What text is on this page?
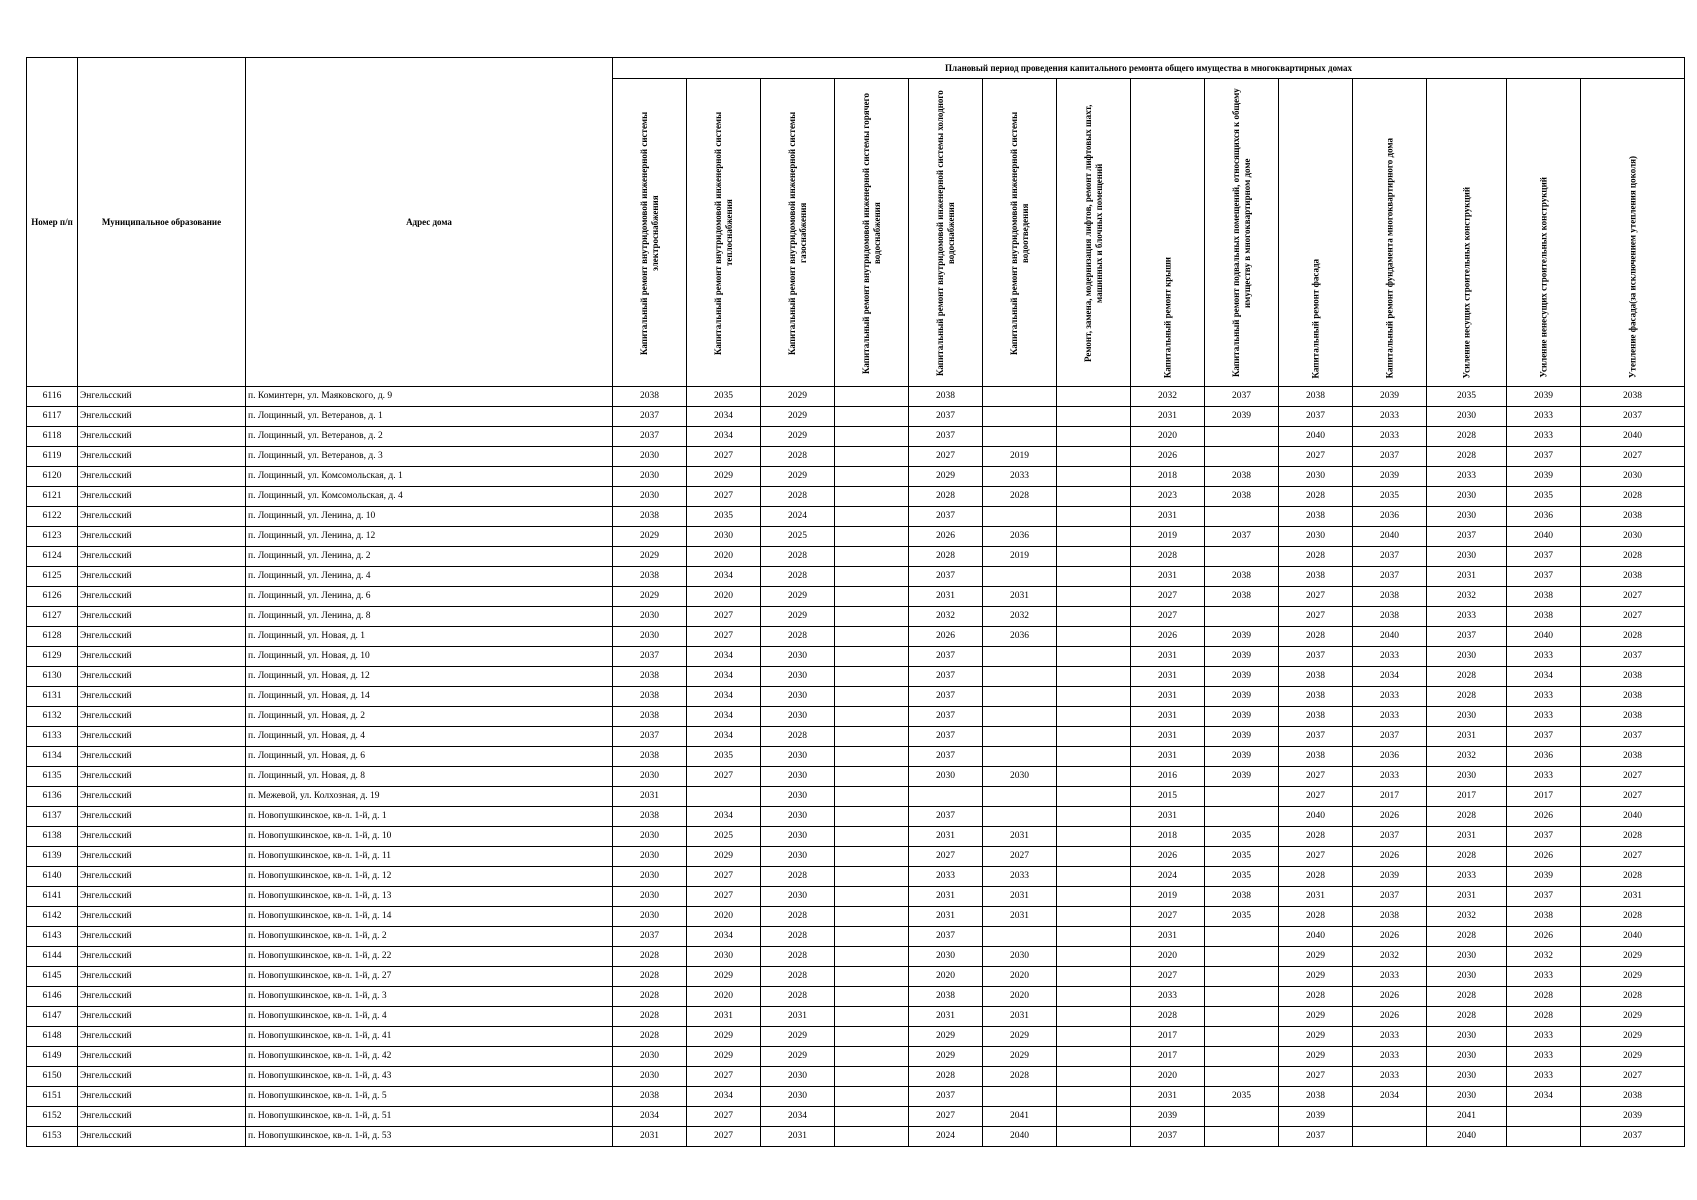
Номер п/п	Муниципальное образование	Адрес дома	Плановый период проведения капитального ремонта общего имущества в многоквартирных домах													

			Капитальный ремонт внутридомовой инженерной системы электроснабжения	Капитальный ремонт внутридомовой инженерной системы теплоснабжения	Капитальный ремонт внутридомовой инженерной системы газоснабжения	Капитальный ремонт внутридомовой инженерной системы горячего водоснабжения	Капитальный ремонт внутридомовой инженерной системы холодного водоснабжения	Капитальный ремонт внутридомовой инженерной системы водоотведения	Ремонт, замена, модернизация лифтов, ремонт лифтовых шахт, машинных и блочных помещений	Капитальный ремонт крыши	Капитальный ремонт подвальных помещений, относящихся к общему имуществу в многоквартирном доме	Капитальный ремонт фасада	Капитальный ремонт фундамента многоквартирного дома	Усиление несущих строительных конструкций	Усиление ненесущих строительных конструкций	Утепление фасада(за исключением утепления цоколя)

6116	Энгельсский	п. Коминтерн, ул. Маяковского, д. 9	2038	2035	2029		2038			2032	2037	2038	2039	2035	2039	2038
6117	Энгельсский	п. Лощинный, ул. Ветеранов, д. 1	2037	2034	2029		2037			2031	2039	2037	2033	2030	2033	2037
6118	Энгельсский	п. Лощинный, ул. Ветеранов, д. 2	2037	2034	2029		2037			2020		2040	2033	2028	2033	2040
6119	Энгельсский	п. Лощинный, ул. Ветеранов, д. 3	2030	2027	2028		2027	2019		2026		2027	2037	2028	2037	2027
6120	Энгельсский	п. Лощинный, ул. Комсомольская, д. 1	2030	2029	2029		2029	2033		2018	2038	2030	2039	2033	2039	2030
6121	Энгельсский	п. Лощинный, ул. Комсомольская, д. 4	2030	2027	2028		2028	2028		2023	2038	2028	2035	2030	2035	2028
6122	Энгельсский	п. Лощинный, ул. Ленина, д. 10	2038	2035	2024		2037			2031		2038	2036	2030	2036	2038
6123	Энгельсский	п. Лощинный, ул. Ленина, д. 12	2029	2030	2025		2026	2036		2019	2037	2030	2040	2037	2040	2030
6124	Энгельсский	п. Лощинный, ул. Ленина, д. 2	2029	2020	2028		2028	2019		2028		2028	2037	2030	2037	2028
6125	Энгельсский	п. Лощинный, ул. Ленина, д. 4	2038	2034	2028		2037			2031	2038	2038	2037	2031	2037	2038
6126	Энгельсский	п. Лощинный, ул. Ленина, д. 6	2029	2020	2029		2031	2031		2027	2038	2027	2038	2032	2038	2027
6127	Энгельсский	п. Лощинный, ул. Ленина, д. 8	2030	2027	2029		2032	2032		2027		2027	2038	2033	2038	2027
6128	Энгельсский	п. Лощинный, ул. Новая, д. 1	2030	2027	2028		2026	2036		2026	2039	2028	2040	2037	2040	2028
6129	Энгельсский	п. Лощинный, ул. Новая, д. 10	2037	2034	2030		2037			2031	2039	2037	2033	2030	2033	2037
6130	Энгельсский	п. Лощинный, ул. Новая, д. 12	2038	2034	2030		2037			2031	2039	2038	2034	2028	2034	2038
6131	Энгельсский	п. Лощинный, ул. Новая, д. 14	2038	2034	2030		2037			2031	2039	2038	2033	2028	2033	2038
6132	Энгельсский	п. Лощинный, ул. Новая, д. 2	2038	2034	2030		2037			2031	2039	2038	2033	2030	2033	2038
6133	Энгельсский	п. Лощинный, ул. Новая, д. 4	2037	2034	2028		2037			2031	2039	2037	2037	2031	2037	2037
6134	Энгельсский	п. Лощинный, ул. Новая, д. 6	2038	2035	2030		2037			2031	2039	2038	2036	2032	2036	2038
6135	Энгельсский	п. Лощинный, ул. Новая, д. 8	2030	2027	2030		2030	2030		2016	2039	2027	2033	2030	2033	2027
6136	Энгельсский	п. Межевой, ул. Колхозная, д. 19	2031		2030					2015		2027	2017	2017	2017	2027
6137	Энгельсский	п. Новопушкинское, кв-л. 1-й, д. 1	2038	2034	2030		2037			2031		2040	2026	2028	2026	2040
6138	Энгельсский	п. Новопушкинское, кв-л. 1-й, д. 10	2030	2025	2030		2031	2031		2018	2035	2028	2037	2031	2037	2028
6139	Энгельсский	п. Новопушкинское, кв-л. 1-й, д. 11	2030	2029	2030		2027	2027		2026	2035	2027	2026	2028	2026	2027
6140	Энгельсский	п. Новопушкинское, кв-л. 1-й, д. 12	2030	2027	2028		2033	2033		2024	2035	2028	2039	2033	2039	2028
6141	Энгельсский	п. Новопушкинское, кв-л. 1-й, д. 13	2030	2027	2030		2031	2031		2019	2038	2031	2037	2031	2037	2031
6142	Энгельсский	п. Новопушкинское, кв-л. 1-й, д. 14	2030	2020	2028		2031	2031		2027	2035	2028	2038	2032	2038	2028
6143	Энгельсский	п. Новопушкинское, кв-л. 1-й, д. 2	2037	2034	2028		2037			2031		2040	2026	2028	2026	2040
6144	Энгельсский	п. Новопушкинское, кв-л. 1-й, д. 22	2028	2030	2028		2030	2030		2020		2029	2032	2030	2032	2029
6145	Энгельсский	п. Новопушкинское, кв-л. 1-й, д. 27	2028	2029	2028		2020	2020		2027		2029	2033	2030	2033	2029
6146	Энгельсский	п. Новопушкинское, кв-л. 1-й, д. 3	2028	2020	2028		2038	2020		2033		2028	2026	2028	2028	2028
6147	Энгельсский	п. Новопушкинское, кв-л. 1-й, д. 4	2028	2031	2031		2031	2031		2028		2029	2026	2028	2028	2029
6148	Энгельсский	п. Новопушкинское, кв-л. 1-й, д. 41	2028	2029	2029		2029	2029		2017		2029	2033	2030	2033	2029
6149	Энгельсский	п. Новопушкинское, кв-л. 1-й, д. 42	2030	2029	2029		2029	2029		2017		2029	2033	2030	2033	2029
6150	Энгельсский	п. Новопушкинское, кв-л. 1-й, д. 43	2030	2027	2030		2028	2028		2020		2027	2033	2030	2033	2027
6151	Энгельсский	п. Новопушкинское, кв-л. 1-й, д. 5	2038	2034	2030		2037			2031	2035	2038	2034	2030	2034	2038
6152	Энгельсский	п. Новопушкинское, кв-л. 1-й, д. 51	2034	2027	2034		2027	2041		2039		2039		2041		2039
6153	Энгельсский	п. Новопушкинское, кв-л. 1-й, д. 53	2031	2027	2031		2024	2040		2037		2037		2040		2037
